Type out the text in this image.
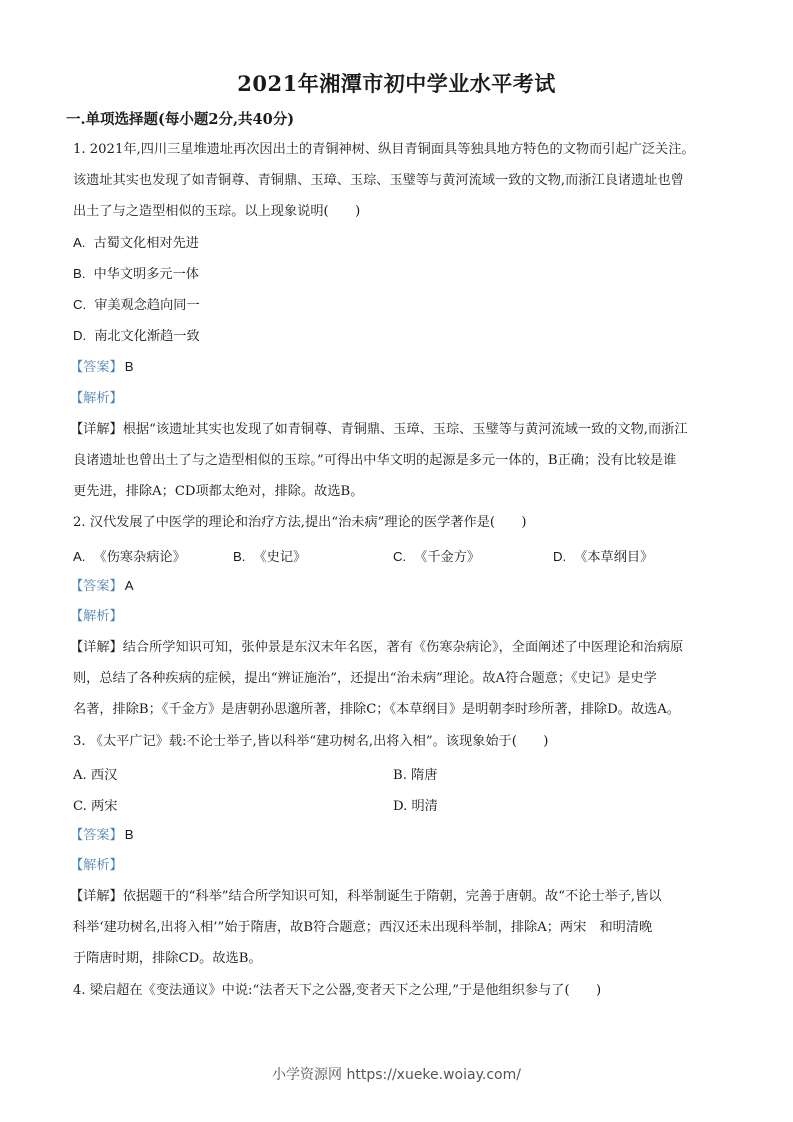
2021年湘潭市初中学业水平考试
一.单项选择题(每小题2分,共40分)
1. 2021年,四川三星堆遗址再次因出土的青铜神树、纵目青铜面具等独具地方特色的文物而引起广泛关注。
该遗址其实也发现了如青铜尊、青铜鼎、玉璋、玉琮、玉璧等与黄河流域一致的文物,而浙江良诸遗址也曾
出土了与之造型相似的玉琮。以上现象说明(　　)
A. 古蜀文化相对先进
B. 中华文明多元一体
C. 审美观念趋向同一
D. 南北文化渐趋一致
【答案】 B
【解析】
【详解】根据“该遗址其实也发现了如青铜尊、青铜鼎、玉璋、玉琮、玉璧等与黄河流域一致的文物,而浙江
良诸遗址也曾出土了与之造型相似的玉琮。”可得出中华文明的起源是多元一体的，B正确；没有比较是谁
更先进，排除A；CD项都太绝对，排除。故选B。
2. 汉代发展了中医学的理论和治疗方法,提出“治未病”理论的医学著作是(　　)
A. 《伤寒杂病论》	B. 《史记》	C. 《千金方》	D. 《本草纲目》
【答案】 A
【解析】
【详解】结合所学知识可知，张仲景是东汉末年名医，著有《伤寒杂病论》，全面阐述了中医理论和治病原
则，总结了各种疾病的症候，提出“辨证施治”，还提出“治未病”理论。故A符合题意；《史记》是史学
名著，排除B；《千金方》是唐朝孙思邈所著，排除C；《本草纲目》是明朝李时珍所著，排除D。故选A。
3. 《太平广记》载:不论士举子,皆以科举“建功树名,出将入相”。该现象始于(　　)
A. 西汉	B. 隋唐
C. 两宋	D. 明清
【答案】 B
【解析】
【详解】依据题干的“科举”结合所学知识可知，科举制诞生于隋朝，完善于唐朝。故“不论士举子,皆以
科举‘建功树名,出将入相’”始于隋唐，故B符合题意；西汉还未出现科举制，排除A；两宋　和明清晚
于隋唐时期，排除CD。故选B。
4. 梁启超在《变法通议》中说:“法者天下之公器,变者天下之公理,”于是他组织参与了(　　)
小学资源网 https://xueke.woiay.com/
